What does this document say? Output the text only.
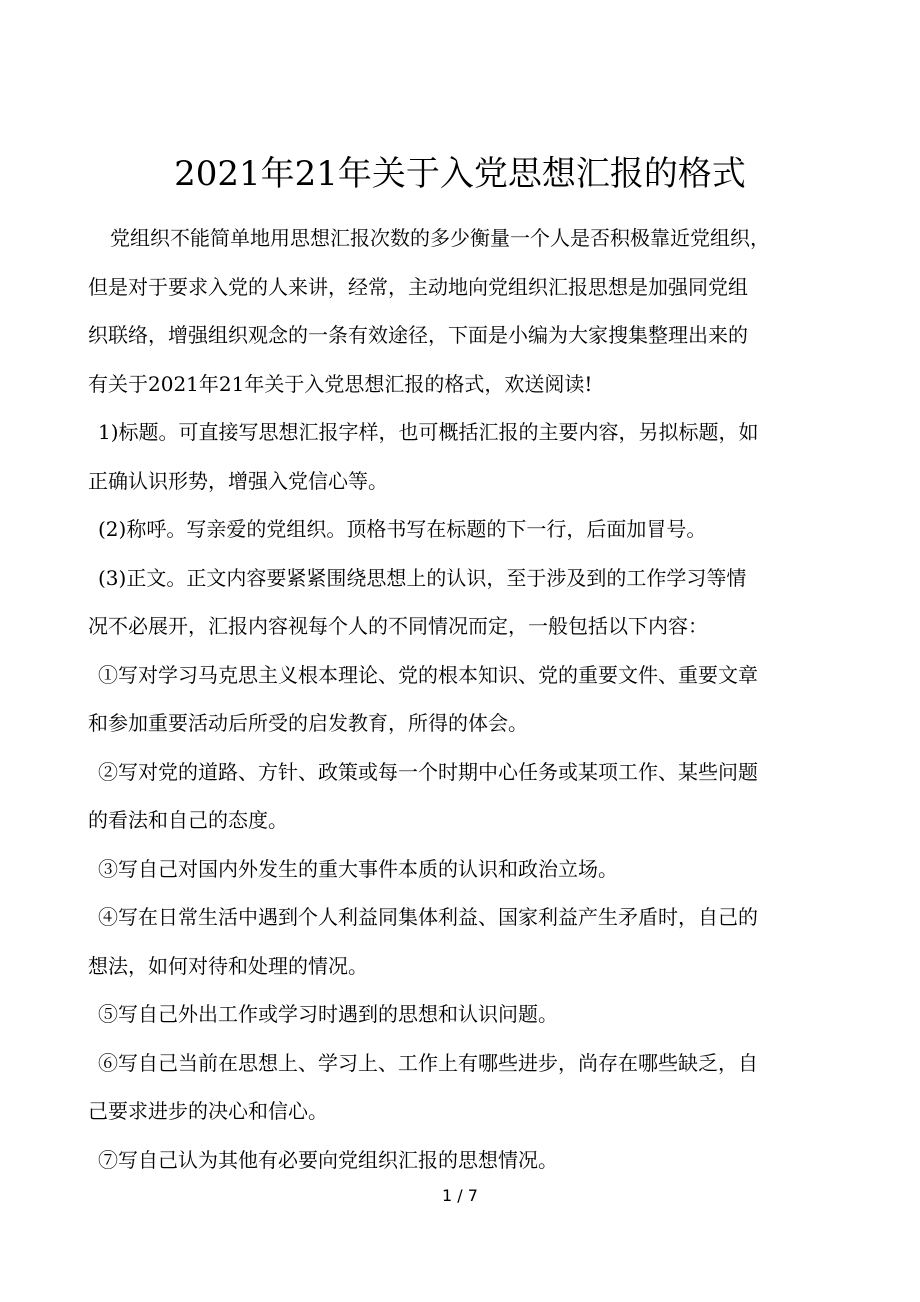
2021年21年关于入党思想汇报的格式

党组织不能简单地用思想汇报次数的多少衡量一个人是否积极靠近党组织，
但是对于要求入党的人来讲，经常，主动地向党组织汇报思想是加强同党组
织联络，增强组织观念的一条有效途径，下面是小编为大家搜集整理出来的
有关于2021年21年关于入党思想汇报的格式，欢送阅读!

1)标题。可直接写思想汇报字样，也可概括汇报的主要内容，另拟标题，如
正确认识形势，增强入党信心等。

(2)称呼。写亲爱的党组织。顶格书写在标题的下一行，后面加冒号。

(3)正文。正文内容要紧紧围绕思想上的认识，至于涉及到的工作学习等情
况不必展开，汇报内容视每个人的不同情况而定，一般包括以下内容：

①写对学习马克思主义根本理论、党的根本知识、党的重要文件、重要文章
和参加重要活动后所受的启发教育，所得的体会。

②写对党的道路、方针、政策或每一个时期中心任务或某项工作、某些问题
的看法和自己的态度。

③写自己对国内外发生的重大事件本质的认识和政治立场。

④写在日常生活中遇到个人利益同集体利益、国家利益产生矛盾时，自己的
想法，如何对待和处理的情况。

⑤写自己外出工作或学习时遇到的思想和认识问题。

⑥写自己当前在思想上、学习上、工作上有哪些进步，尚存在哪些缺乏，自
己要求进步的决心和信心。

⑦写自己认为其他有必要向党组织汇报的思想情况。

1 / 7
